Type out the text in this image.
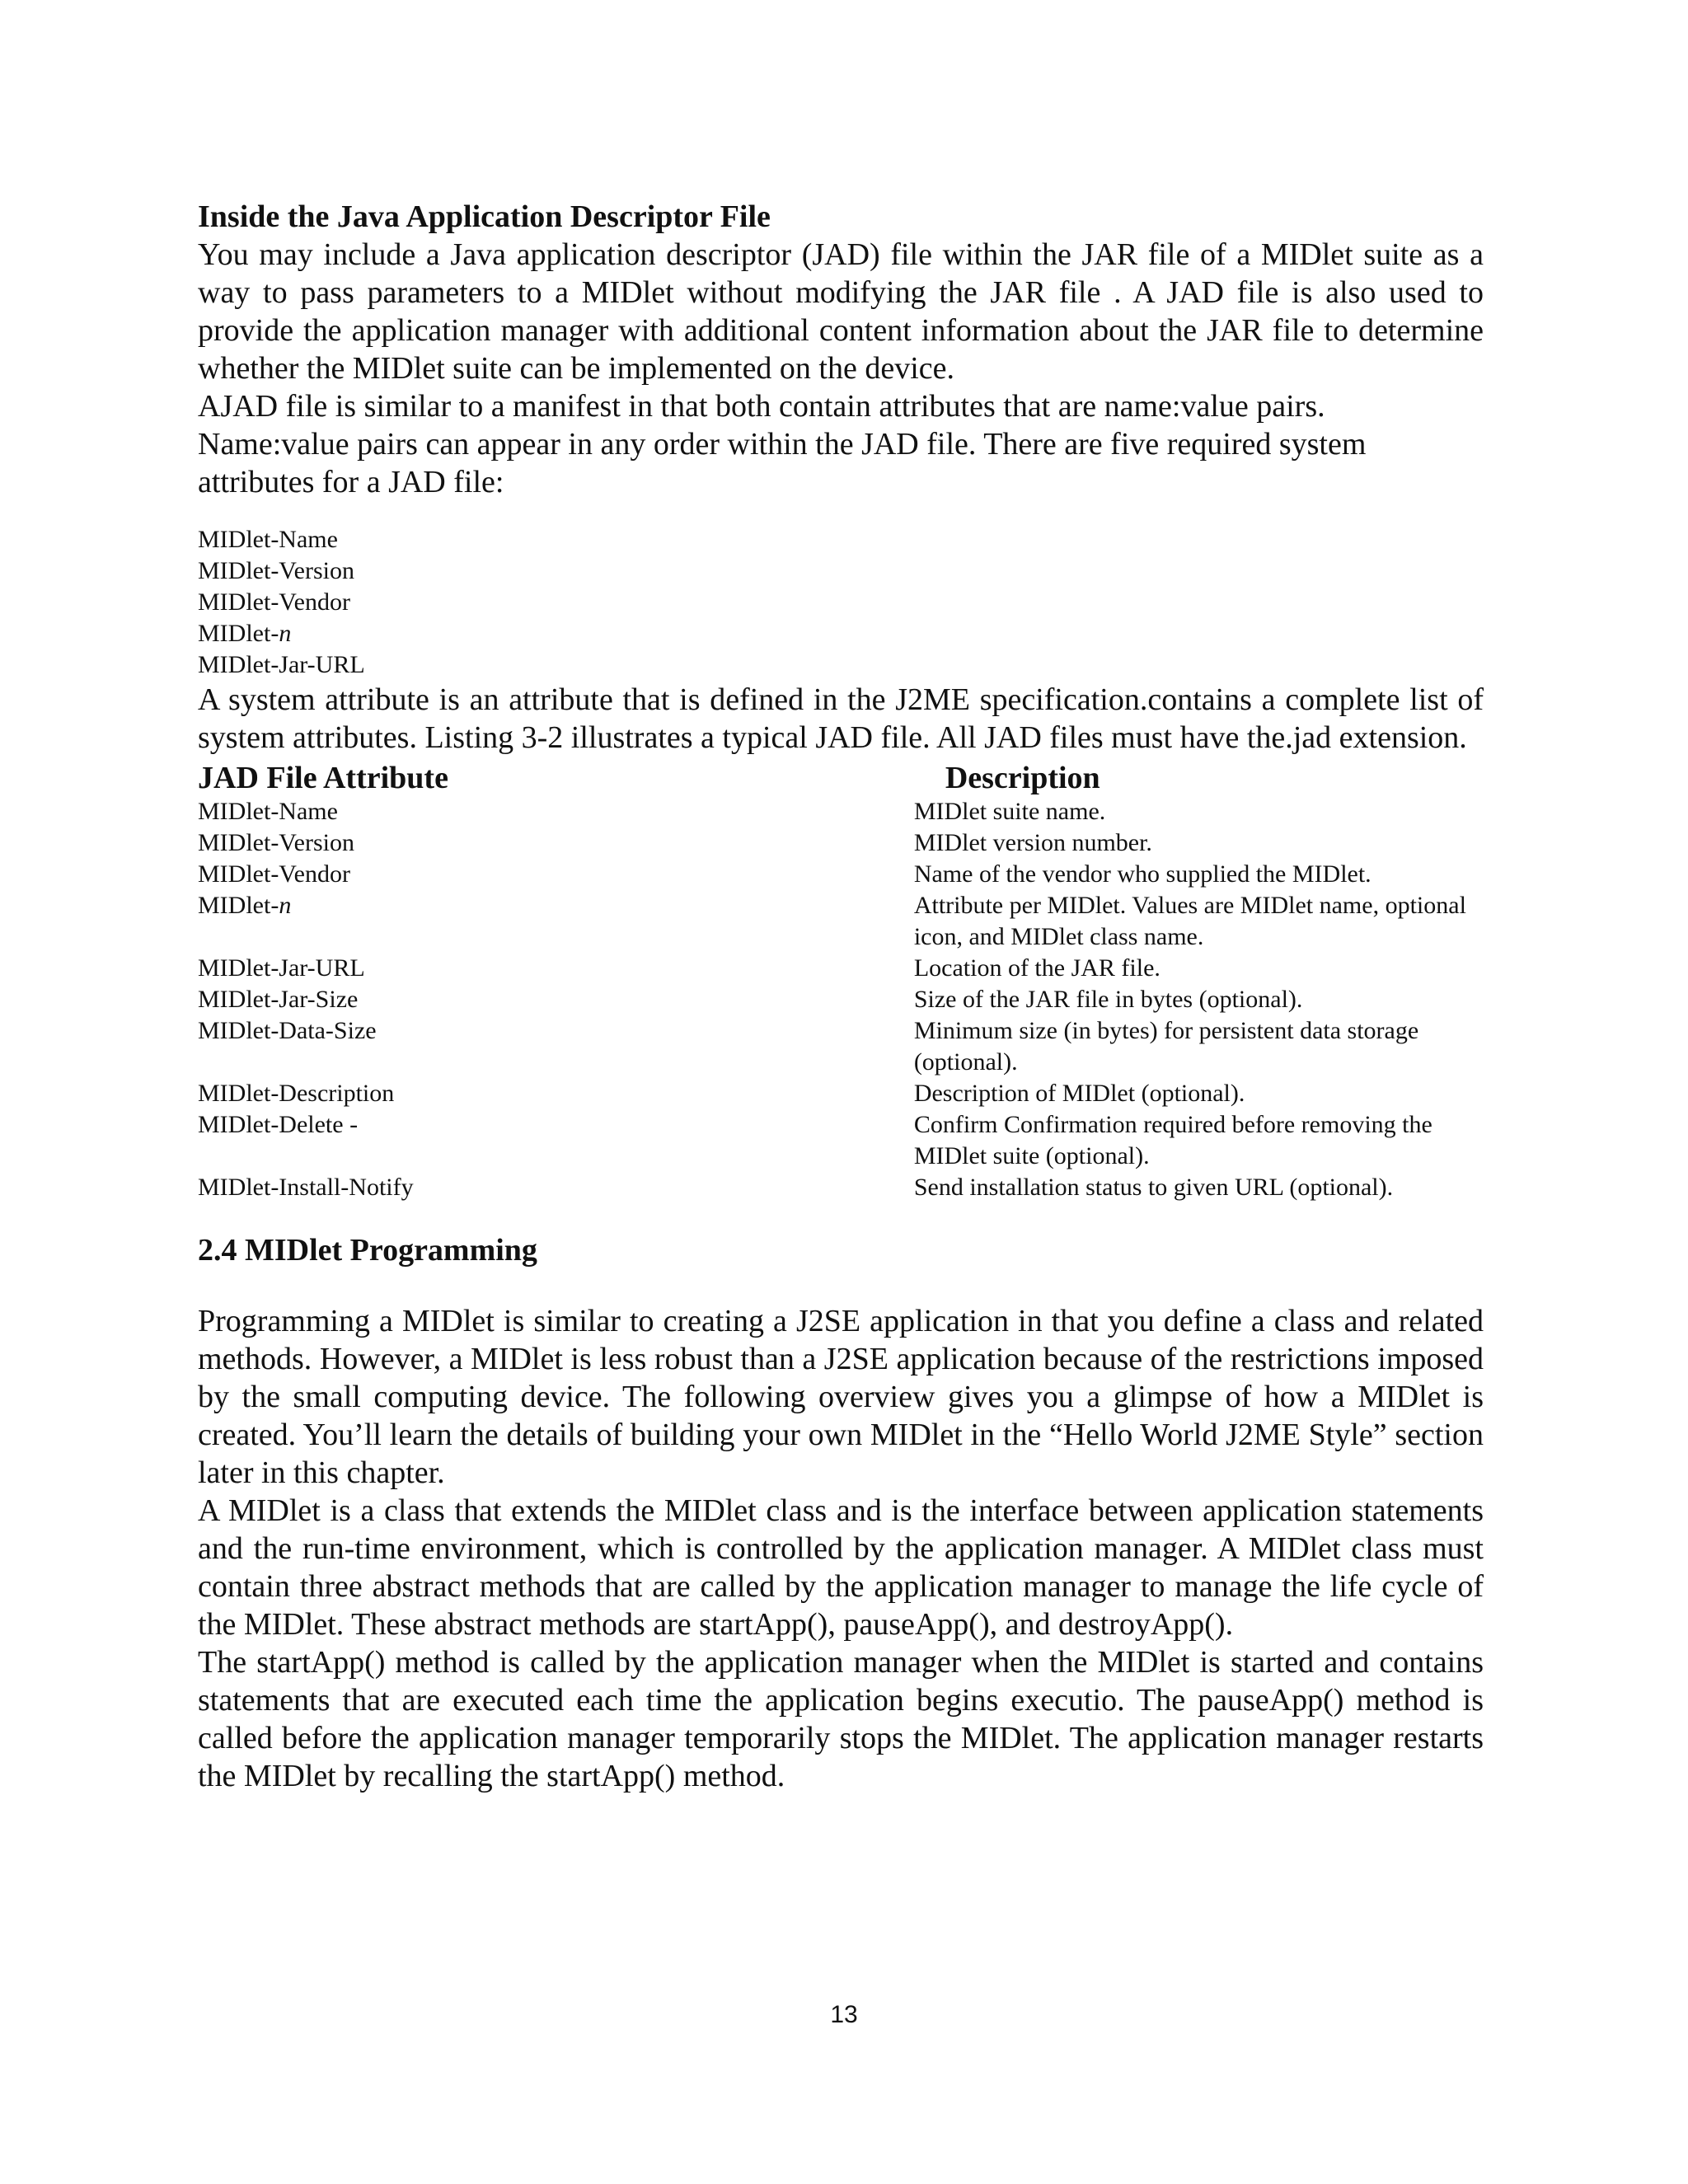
Inside the Java Application Descriptor File

You may include a Java application descriptor (JAD) file within the JAR file of a MIDlet suite as a way to pass parameters to a MIDlet without modifying the JAR file . A JAD file is also used to provide the application manager with additional content information about the JAR file to determine whether the MIDlet suite can be implemented on the device.

AJAD file is similar to a manifest in that both contain attributes that are name:value pairs. Name:value pairs can appear in any order within the JAD file. There are five required system attributes for a JAD file:

MIDlet-Name
MIDlet-Version
MIDlet-Vendor
MIDlet-n
MIDlet-Jar-URL

A system attribute is an attribute that is defined in the J2ME specification.contains a complete list of system attributes. Listing 3-2 illustrates a typical JAD file. All JAD files must have the.jad extension.

JAD File Attribute	Description
MIDlet-Name	MIDlet suite name.
MIDlet-Version	MIDlet version number.
MIDlet-Vendor	Name of the vendor who supplied the MIDlet.
MIDlet-n	Attribute per MIDlet. Values are MIDlet name, optional icon, and MIDlet class name.
MIDlet-Jar-URL	Location of the JAR file.
MIDlet-Jar-Size	Size of the JAR file in bytes (optional).
MIDlet-Data-Size	Minimum size (in bytes) for persistent data storage (optional).
MIDlet-Description	Description of MIDlet (optional).
MIDlet-Delete -	Confirm Confirmation required before removing the MIDlet suite (optional).
MIDlet-Install-Notify	Send installation status to given URL (optional).

2.4 MIDlet Programming

Programming a MIDlet is similar to creating a J2SE application in that you define a class and related methods. However, a MIDlet is less robust than a J2SE application because of the restrictions imposed by the small computing device. The following overview gives you a glimpse of how a MIDlet is created. You’ll learn the details of building your own MIDlet in the “Hello World J2ME Style” section later in this chapter.

A MIDlet is a class that extends the MIDlet class and is the interface between application statements and the run-time environment, which is controlled by the application manager. A MIDlet class must contain three abstract methods that are called by the application manager to manage the life cycle of the MIDlet. These abstract methods are startApp(), pauseApp(), and destroyApp().

The startApp() method is called by the application manager when the MIDlet is started and contains statements that are executed each time the application begins executio. The pauseApp() method is called before the application manager temporarily stops the MIDlet. The application manager restarts the MIDlet by recalling the startApp() method.

13
